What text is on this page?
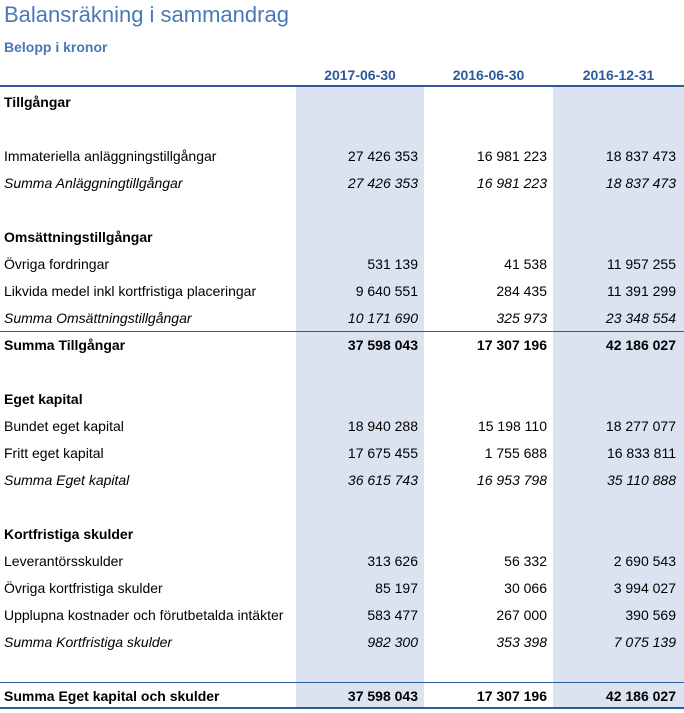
Balansräkning i sammandrag
Belopp i kronor
2017-06-30	2016-06-30	2016-12-31
Tillgångar
Immateriella anläggningstillgångar	27 426 353	16 981 223	18 837 473
Summa Anläggningtillgångar	27 426 353	16 981 223	18 837 473
Omsättningstillgångar
Övriga fordringar	531 139	41 538	11 957 255
Likvida medel inkl kortfristiga placeringar	9 640 551	284 435	11 391 299
Summa Omsättningstillgångar	10 171 690	325 973	23 348 554
Summa Tillgångar	37 598 043	17 307 196	42 186 027
Eget kapital
Bundet eget kapital	18 940 288	15 198 110	18 277 077
Fritt eget kapital	17 675 455	1 755 688	16 833 811
Summa Eget kapital	36 615 743	16 953 798	35 110 888
Kortfristiga skulder
Leverantörsskulder	313 626	56 332	2 690 543
Övriga kortfristiga skulder	85 197	30 066	3 994 027
Upplupna kostnader och förutbetalda intäkter	583 477	267 000	390 569
Summa Kortfristiga skulder	982 300	353 398	7 075 139
Summa Eget kapital och skulder	37 598 043	17 307 196	42 186 027
